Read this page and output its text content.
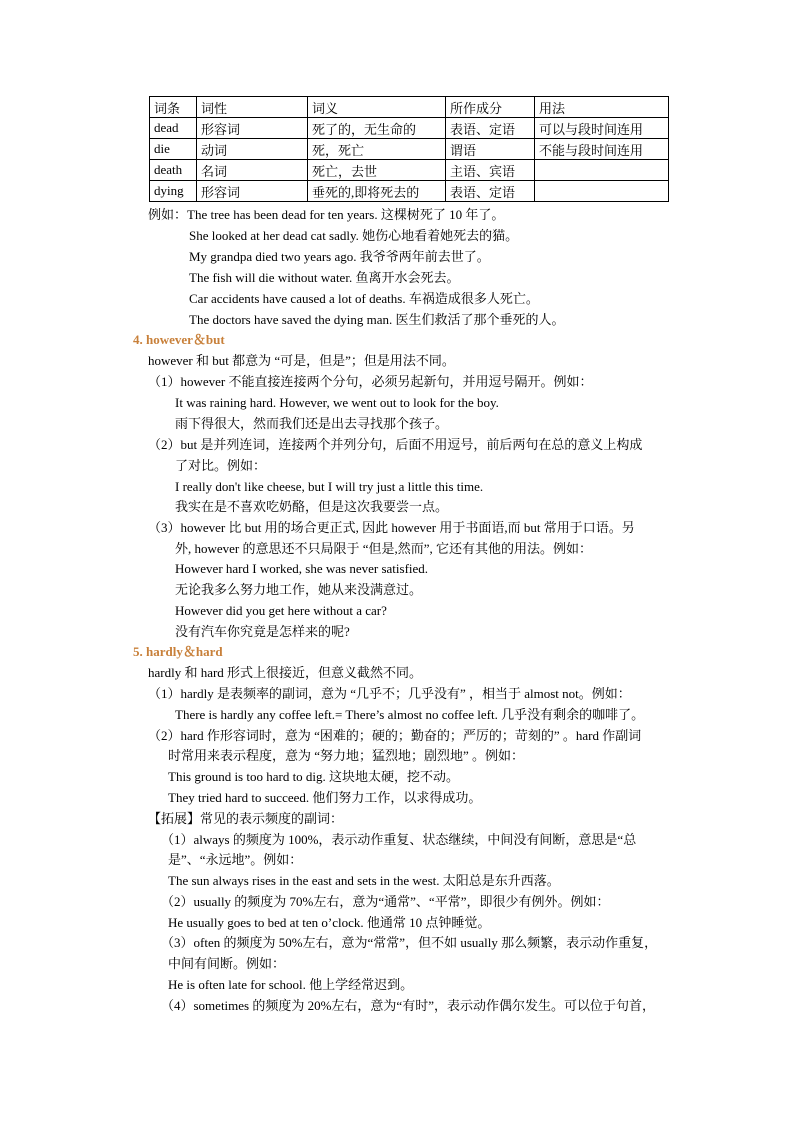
词条	词性	词义	所作成分	用法
dead	形容词	死了的，无生命的	表语、定语	可以与段时间连用
die	动词	死，死亡	谓语	不能与段时间连用
death	名词	死亡，去世	主语、宾语	
dying	形容词	垂死的,即将死去的	表语、定语	
例如：The tree has been dead for ten years. 这棵树死了 10 年了。
She looked at her dead cat sadly. 她伤心地看着她死去的猫。
My grandpa died two years ago. 我爷爷两年前去世了。
The fish will die without water. 鱼离开水会死去。
Car accidents have caused a lot of deaths. 车祸造成很多人死亡。
The doctors have saved the dying man. 医生们救活了那个垂死的人。
4. however＆but
however 和 but 都意为 “可是，但是”；但是用法不同。
（1）however 不能直接连接两个分句，必须另起新句，并用逗号隔开。例如：
It was raining hard. However, we went out to look for the boy.
雨下得很大，然而我们还是出去寻找那个孩子。
（2）but 是并列连词，连接两个并列分句，后面不用逗号，前后两句在总的意义上构成
了对比。例如：
I really don't like cheese, but I will try just a little this time.
我实在是不喜欢吃奶酪，但是这次我要尝一点。
（3）however 比 but 用的场合更正式, 因此 however 用于书面语,而 but 常用于口语。另
外, however 的意思还不只局限于 “但是,然而”, 它还有其他的用法。例如：
However hard I worked, she was never satisfied.
无论我多么努力地工作，她从来没满意过。
However did you get here without a car?
没有汽车你究竟是怎样来的呢?
5. hardly＆hard
hardly 和 hard 形式上很接近，但意义截然不同。
（1）hardly 是表频率的副词，意为 “几乎不；几乎没有” ，相当于 almost not。例如：
There is hardly any coffee left.= There’s almost no coffee left. 几乎没有剩余的咖啡了。
（2）hard 作形容词时，意为 “困难的；硬的；勤奋的；严厉的；苛刻的” 。hard 作副词
时常用来表示程度，意为 “努力地；猛烈地；剧烈地” 。例如：
This ground is too hard to dig. 这块地太硬，挖不动。
They tried hard to succeed. 他们努力工作，以求得成功。
【拓展】常见的表示频度的副词：
（1）always 的频度为 100%，表示动作重复、状态继续，中间没有间断，意思是“总
是”、“永远地”。例如：
The sun always rises in the east and sets in the west. 太阳总是东升西落。
（2）usually 的频度为 70%左右，意为“通常”、“平常”，即很少有例外。例如：
He usually goes to bed at ten o’clock. 他通常 10 点钟睡觉。
（3）often 的频度为 50%左右，意为“常常”，但不如 usually 那么频繁，表示动作重复，
中间有间断。例如：
He is often late for school. 他上学经常迟到。
（4）sometimes 的频度为 20%左右，意为“有时”，表示动作偶尔发生。可以位于句首，
